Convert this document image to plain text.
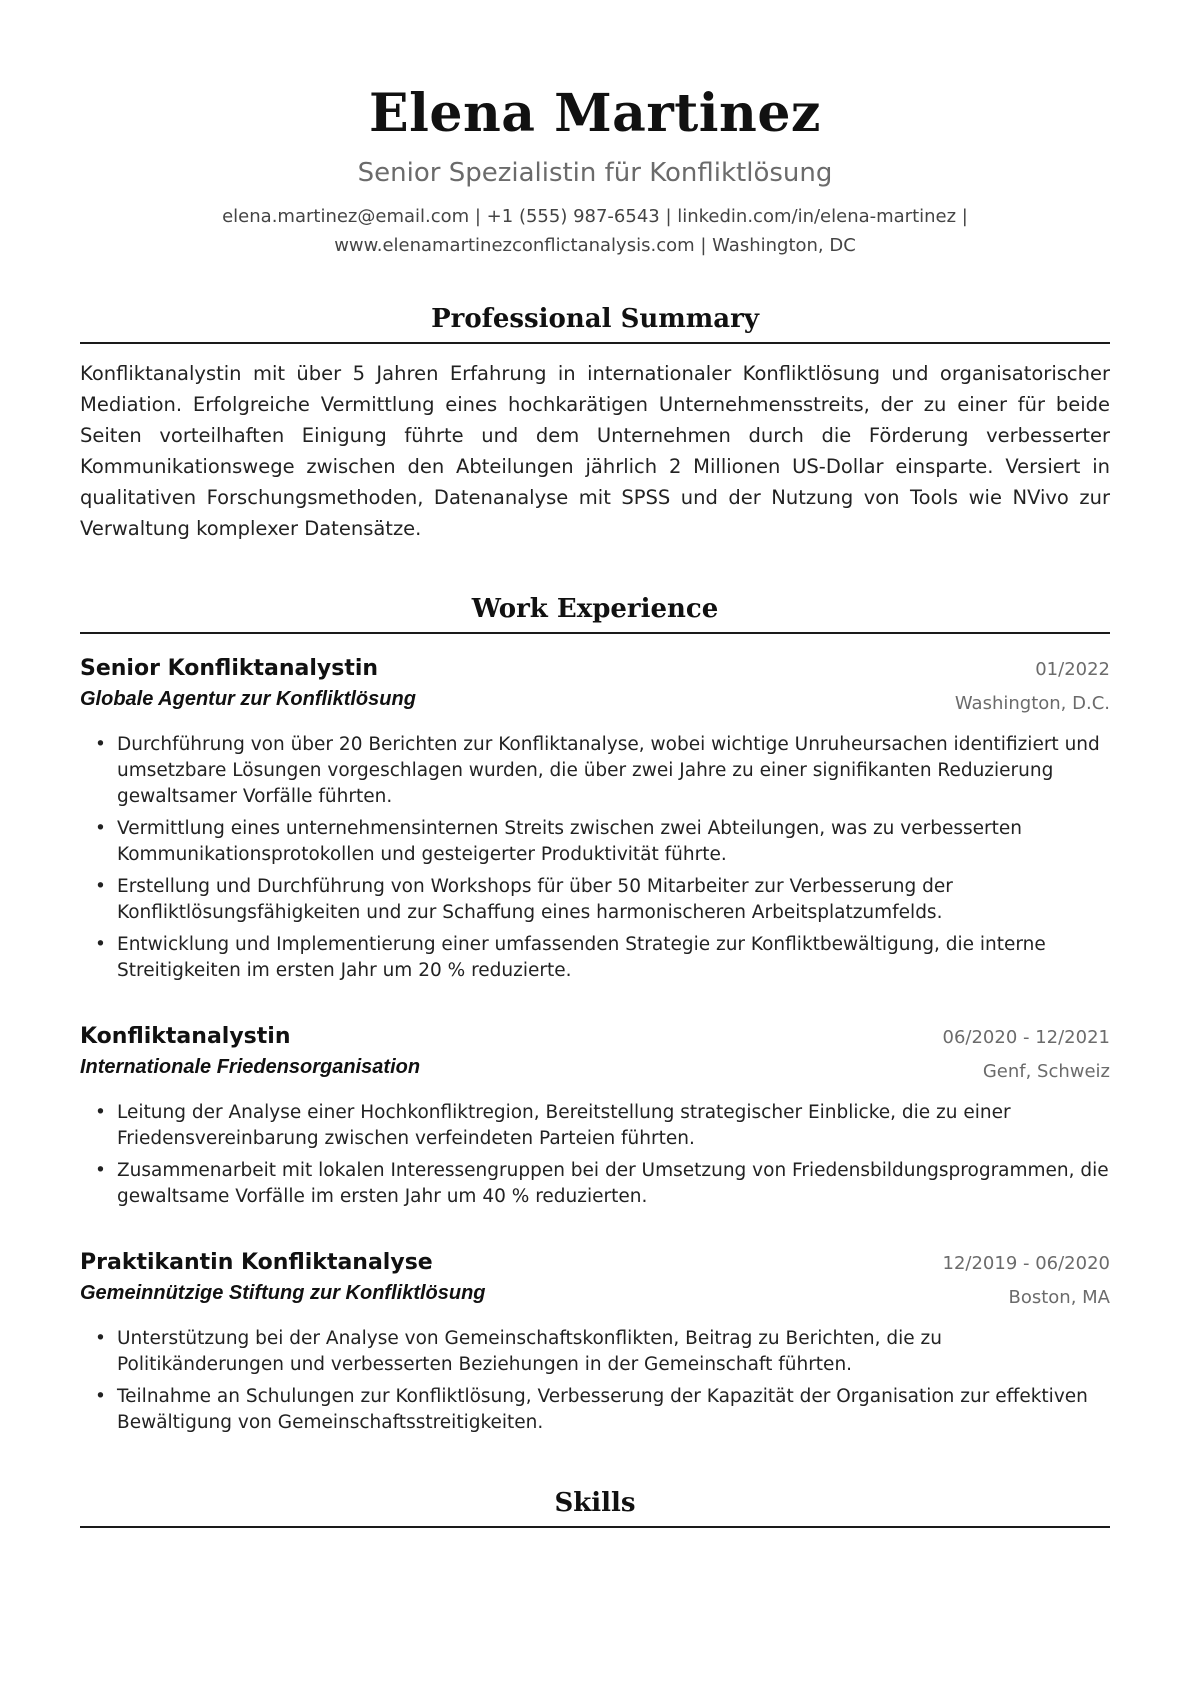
Elena Martinez
Senior Spezialistin für Konfliktlösung
elena.martinez@email.com | +1 (555) 987-6543 | linkedin.com/in/elena-martinez |
www.elenamartinezconflictanalysis.com | Washington, DC
Professional Summary

Konfliktanalystin mit über 5 Jahren Erfahrung in internationaler Konfliktlösung und organisatorischer Mediation. Erfolgreiche Vermittlung eines hochkarätigen Unternehmensstreits, der zu einer für beide Seiten vorteilhaften Einigung führte und dem Unternehmen durch die Förderung verbesserter Kommunikationswege zwischen den Abteilungen jährlich 2 Millionen US-Dollar einsparte. Versiert in qualitativen Forschungsmethoden, Datenanalyse mit SPSS und der Nutzung von Tools wie NVivo zur Verwaltung komplexer Datensätze.

Work Experience
Senior Konfliktanalystin	01/2022
Globale Agentur zur Konfliktlösung	Washington, D.C.
• Durchführung von über 20 Berichten zur Konfliktanalyse, wobei wichtige Unruheursachen identifiziert und umsetzbare Lösungen vorgeschlagen wurden, die über zwei Jahre zu einer signifikanten Reduzierung gewaltsamer Vorfälle führten.
• Vermittlung eines unternehmensinternen Streits zwischen zwei Abteilungen, was zu verbesserten Kommunikationsprotokollen und gesteigerter Produktivität führte.
• Erstellung und Durchführung von Workshops für über 50 Mitarbeiter zur Verbesserung der Konfliktlösungsfähigkeiten und zur Schaffung eines harmonischeren Arbeitsplatzumfelds.
• Entwicklung und Implementierung einer umfassenden Strategie zur Konfliktbewältigung, die interne Streitigkeiten im ersten Jahr um 20 % reduzierte.
Konfliktanalystin	06/2020 - 12/2021
Internationale Friedensorganisation	Genf, Schweiz
• Leitung der Analyse einer Hochkonfliktregion, Bereitstellung strategischer Einblicke, die zu einer Friedensvereinbarung zwischen verfeindeten Parteien führten.
• Zusammenarbeit mit lokalen Interessengruppen bei der Umsetzung von Friedensbildungsprogrammen, die gewaltsame Vorfälle im ersten Jahr um 40 % reduzierten.
Praktikantin Konfliktanalyse	12/2019 - 06/2020
Gemeinnützige Stiftung zur Konfliktlösung	Boston, MA
• Unterstützung bei der Analyse von Gemeinschaftskonflikten, Beitrag zu Berichten, die zu Politikänderungen und verbesserten Beziehungen in der Gemeinschaft führten.
• Teilnahme an Schulungen zur Konfliktlösung, Verbesserung der Kapazität der Organisation zur effektiven Bewältigung von Gemeinschaftsstreitigkeiten.
Skills
